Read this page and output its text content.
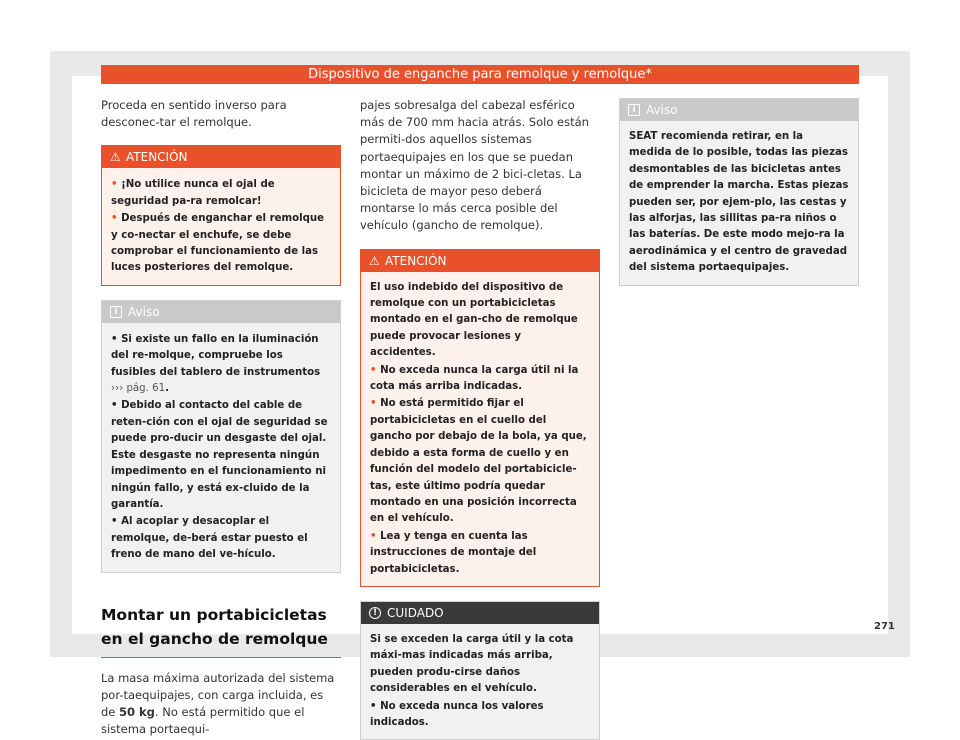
Dispositivo de enganche para remolque y remolque*

Proceda en sentido inverso para desconec-tar el remolque.

⚠ ATENCIÓN
• ¡No utilice nunca el ojal de seguridad pa-ra remolcar!
• Después de enganchar el remolque y co-nectar el enchufe, se debe comprobar el funcionamiento de las luces posteriores del remolque.
i Aviso
• Si existe un fallo en la iluminación del re-molque, compruebe los fusibles del tablero de instrumentos ››› pág. 61.
• Debido al contacto del cable de reten-ción con el ojal de seguridad se puede pro-ducir un desgaste del ojal. Este desgaste no representa ningún impedimento en el funcionamiento ni ningún fallo, y está ex-cluido de la garantía.
• Al acoplar y desacoplar el remolque, de-berá estar puesto el freno de mano del ve-hículo.
Montar un portabicicletas en el gancho de remolque

La masa máxima autorizada del sistema por-taequipajes, con carga incluida, es de 50 kg. No está permitido que el sistema portaequi-

pajes sobresalga del cabezal esférico más de 700 mm hacia atrás. Solo están permiti-dos aquellos sistemas portaequipajes en los que se puedan montar un máximo de 2 bici-cletas. La bicicleta de mayor peso deberá montarse lo más cerca posible del vehículo (gancho de remolque).

⚠ ATENCIÓN
El uso indebido del dispositivo de remolque con un portabicicletas montado en el gan-cho de remolque puede provocar lesiones y accidentes.
• No exceda nunca la carga útil ni la cota más arriba indicadas.
• No está permitido fijar el portabicicletas en el cuello del gancho por debajo de la bola, ya que, debido a esta forma de cuello y en función del modelo del portabicicle-tas, este último podría quedar montado en una posición incorrecta en el vehículo.
• Lea y tenga en cuenta las instrucciones de montaje del portabicicletas.
! CUIDADO
Si se exceden la carga útil y la cota máxi-mas indicadas más arriba, pueden produ-cirse daños considerables en el vehículo.
• No exceda nunca los valores indicados.
i Aviso
SEAT recomienda retirar, en la medida de lo posible, todas las piezas desmontables de las bicicletas antes de emprender la marcha. Estas piezas pueden ser, por ejem-plo, las cestas y las alforjas, las sillitas pa-ra niños o las baterías. De este modo mejo-ra la aerodinámica y el centro de gravedad del sistema portaequipajes.
271
